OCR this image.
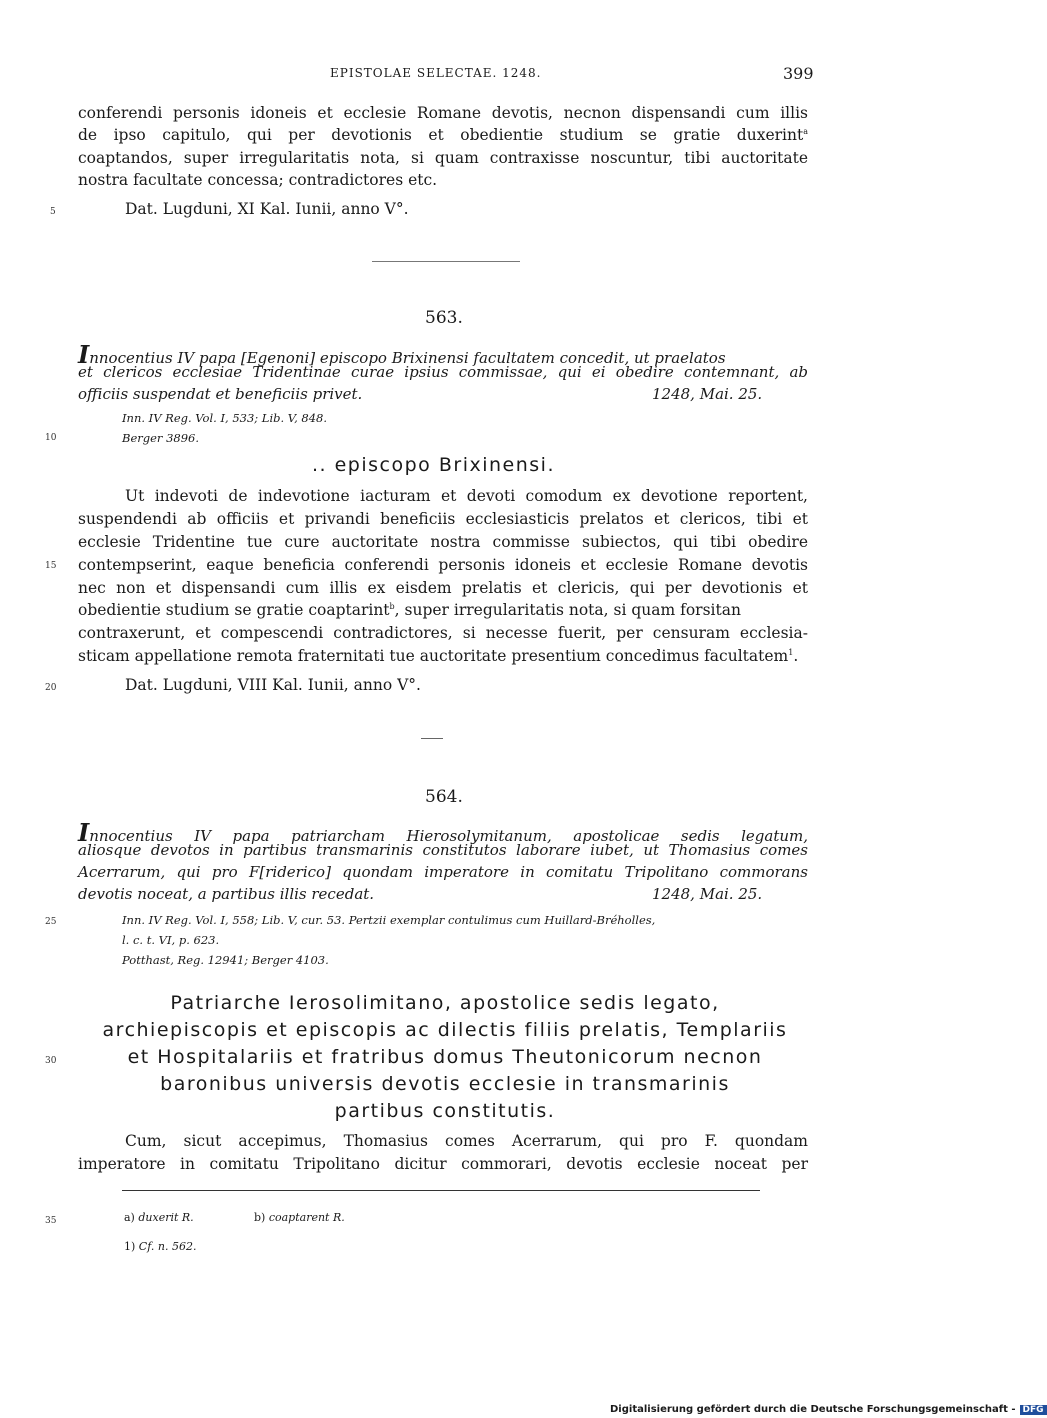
EPISTOLAE SELECTAE. 1248.	399
conferendi personis idoneis et ecclesie Romane devotis, necnon dispensandi cum illis
de ipso capitulo, qui per devotionis et obedientie studium se gratie duxerint$^a$
coaptandos, super irregularitatis nota, si quam contraxisse noscuntur, tibi auctoritate
nostra facultate concessa; contradictores etc.
Dat. Lugduni, XI Kal. Iunii, anno V°.
5
563.
Innocentius IV papa [Egenoni] episcopo Brixinensi facultatem concedit, ut praelatos
et clericos ecclesiae Tridentinae curae ipsius commissae, qui ei obedire contemnant, ab
officiis suspendat et beneficiis privet.	1248, Mai. 25.
Inn. IV Reg. Vol. I, 533; Lib. V, 848.
Berger 3896.
10
.. episcopo Brixinensi.
Ut indevoti de indevotione iacturam et devoti comodum ex devotione reportent,
suspendendi ab officiis et privandi beneficiis ecclesiasticis prelatos et clericos, tibi et
ecclesie Tridentine tue cure auctoritate nostra commisse subiectos, qui tibi obedire
contempserint, eaque beneficia conferendi personis idoneis et ecclesie Romane devotis
15
nec non et dispensandi cum illis ex eisdem prelatis et clericis, qui per devotionis et
obedientie studium se gratie coaptarint$^b$, super irregularitatis nota, si quam forsitan
contraxerunt, et compescendi contradictores, si necesse fuerit, per censuram ecclesia-
sticam appellatione remota fraternitati tue auctoritate presentium concedimus facultatem$^1$.
Dat. Lugduni, VIII Kal. Iunii, anno V°.
20
564.
Innocentius IV papa patriarcham Hierosolymitanum, apostolicae sedis legatum,
aliosque devotos in partibus transmarinis constitutos laborare iubet, ut Thomasius comes
Acerrarum, qui pro F[riderico] quondam imperatore in comitatu Tripolitano commorans
devotis noceat, a partibus illis recedat.	1248, Mai. 25.
Inn. IV Reg. Vol. I, 558; Lib. V, cur. 53. Pertzii exemplar contulimus cum Huillard-Bréholles,
25
l. c. t. VI, p. 623.
Potthast, Reg. 12941; Berger 4103.
Patriarche Ierosolimitano, apostolice sedis legato,
archiepiscopis et episcopis ac dilectis filiis prelatis, Templariis
et Hospitalariis et fratribus domus Theutonicorum necnon
30
baronibus universis devotis ecclesie in transmarinis
partibus constitutis.
Cum, sicut accepimus, Thomasius comes Acerrarum, qui pro F. quondam
imperatore in comitatu Tripolitano dicitur commorari, devotis ecclesie noceat per
35	a) duxerit R.	b) coaptarent R.
1) Cf. n. 562.
Digitalisierung gefördert durch die Deutsche Forschungsgemeinschaft - DFG
